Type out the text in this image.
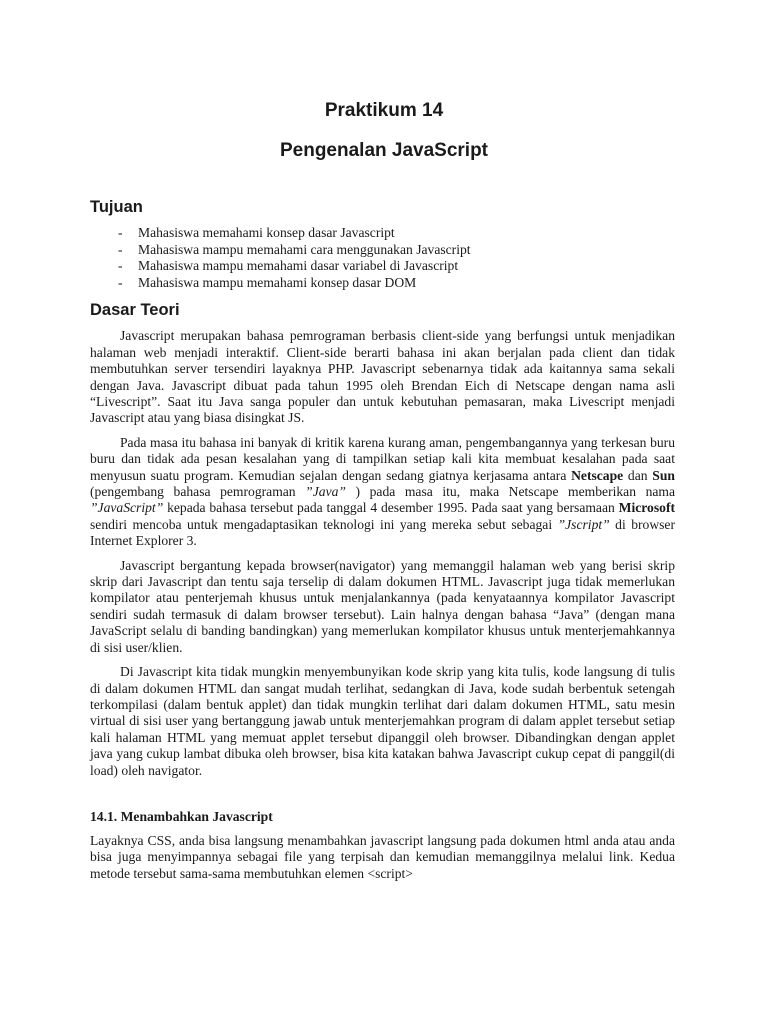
Praktikum 14
Pengenalan JavaScript
Tujuan
- Mahasiswa memahami konsep dasar Javascript
- Mahasiswa mampu memahami cara menggunakan Javascript
- Mahasiswa mampu memahami dasar variabel di Javascript
- Mahasiswa mampu memahami konsep dasar DOM
Dasar Teori

Javascript merupakan bahasa pemrograman berbasis client-side yang berfungsi untuk menjadikan halaman web menjadi interaktif. Client-side berarti bahasa ini akan berjalan pada client dan tidak membutuhkan server tersendiri layaknya PHP. Javascript sebenarnya tidak ada kaitannya sama sekali dengan Java. Javascript dibuat pada tahun 1995 oleh Brendan Eich di Netscape dengan nama asli “Livescript”. Saat itu Java sanga populer dan untuk kebutuhan pemasaran, maka Livescript menjadi Javascript atau yang biasa disingkat JS.

Pada masa itu bahasa ini banyak di kritik karena kurang aman, pengembangannya yang terkesan buru buru dan tidak ada pesan kesalahan yang di tampilkan setiap kali kita membuat kesalahan pada saat menyusun suatu program. Kemudian sejalan dengan sedang giatnya kerjasama antara Netscape dan Sun (pengembang bahasa pemrograman ”Java” ) pada masa itu, maka Netscape memberikan nama ”JavaScript” kepada bahasa tersebut pada tanggal 4 desember 1995. Pada saat yang bersamaan Microsoft sendiri mencoba untuk mengadaptasikan teknologi ini yang mereka sebut sebagai ”Jscript” di browser Internet Explorer 3.

Javascript bergantung kepada browser(navigator) yang memanggil halaman web yang berisi skrip skrip dari Javascript dan tentu saja terselip di dalam dokumen HTML. Javascript juga tidak memerlukan kompilator atau penterjemah khusus untuk menjalankannya (pada kenyataannya kompilator Javascript sendiri sudah termasuk di dalam browser tersebut). Lain halnya dengan bahasa “Java” (dengan mana JavaScript selalu di banding bandingkan) yang memerlukan kompilator khusus untuk menterjemahkannya di sisi user/klien.

Di Javascript kita tidak mungkin menyembunyikan kode skrip yang kita tulis, kode langsung di tulis di dalam dokumen HTML dan sangat mudah terlihat, sedangkan di Java, kode sudah berbentuk setengah terkompilasi (dalam bentuk applet) dan tidak mungkin terlihat dari dalam dokumen HTML, satu mesin virtual di sisi user yang bertanggung jawab untuk menterjemahkan program di dalam applet tersebut setiap kali halaman HTML yang memuat applet tersebut dipanggil oleh browser. Dibandingkan dengan applet java yang cukup lambat dibuka oleh browser, bisa kita katakan bahwa Javascript cukup cepat di panggil(di load) oleh navigator.

14.1. Menambahkan Javascript

Layaknya CSS, anda bisa langsung menambahkan javascript langsung pada dokumen html anda atau anda bisa juga menyimpannya sebagai file yang terpisah dan kemudian memanggilnya melalui link. Kedua metode tersebut sama-sama membutuhkan elemen <script>
